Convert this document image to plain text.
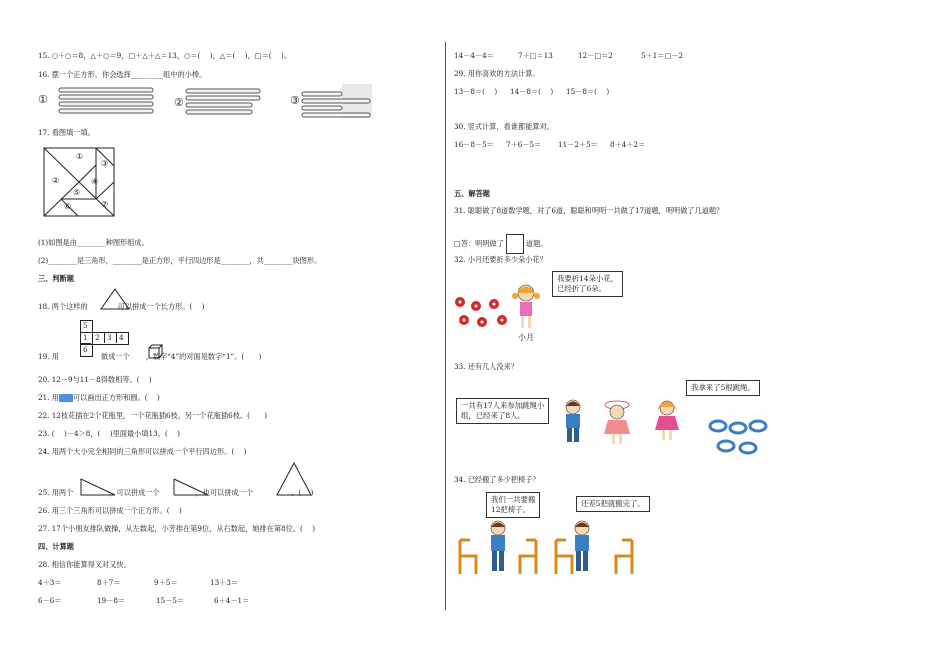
15. ○＋○＝8，△＋○＝9，□＋△＋△＝13，○＝(　 )，△＝(　 )，□＝(　 )。
16. 摆一个正方形，你会选择_________组中的小棒。
①	②	③
17. 看图填一填。
①
②
③
④
⑤
⑥	⑦
(1)如图是由________种图形组成。
(2)________是三角形，________是正方形，平行四边形是________，共________块图形。
三、判断题
18. 两个这样的	可以拼成一个长方形。(　 )
5
1 2 3 4
6
19. 用	做成一个 ，数字“4”的对面是数字“1”。(　　)
20. 12－9与11－8得数相等。(　 )
21. 用 可以画出正方形和圆。(　 )
22. 12枝花插在2个花瓶里，一个花瓶插6枝，另一个花瓶插6枝。(　　)
23. (　 )－4＞8，(　 )里面最小填13。(　 )
24. 用两个大小完全相同的三角形可以拼成一个平行四边形。(　 )
25. 用两个	，可以拼成一个	，也可以拼成一个	。(　 )
26. 用三个三角形可以拼成一个正方形。(　 )
27. 17个小朋友排队做操，从左数起，小芳排在第9位，从右数起，她排在第8位。(　 )
四、计算题
28. 相信你能算得又对又快。
4＋3＝	8＋7＝	9＋5＝	13＋3＝
6－6＝	19－8＝	15－5＝	6＋4－1＝
14－4－4＝	7＋□＝13	12－□＝2	5＋1＝□－2
29. 用你喜欢的方法计算。
13－8＝(　 ) 14－8＝(　 ) 15－8＝(　 )
30. 竖式计算，看谁都能算对。
16－8－5＝ 7＋6－5＝ 11－2＋5＝ 8＋4＋2＝
五、解答题
31. 聪聪做了8道数学题，对了6道，聪聪和明明一共做了17道题，明明做了几道题？
□答：明明做了	道题。
32. 小月还要折多少朵小花？
小月
我要折14朵小花，
已经折了6朵。
33. 还有几人没来？
一共有17人来参加跳绳小
组，已经来了8人。
我拿来了5根跳绳。
34. 已经搬了多少把椅子？
我们一共要搬
12把椅子。
还差5把就搬完了。
